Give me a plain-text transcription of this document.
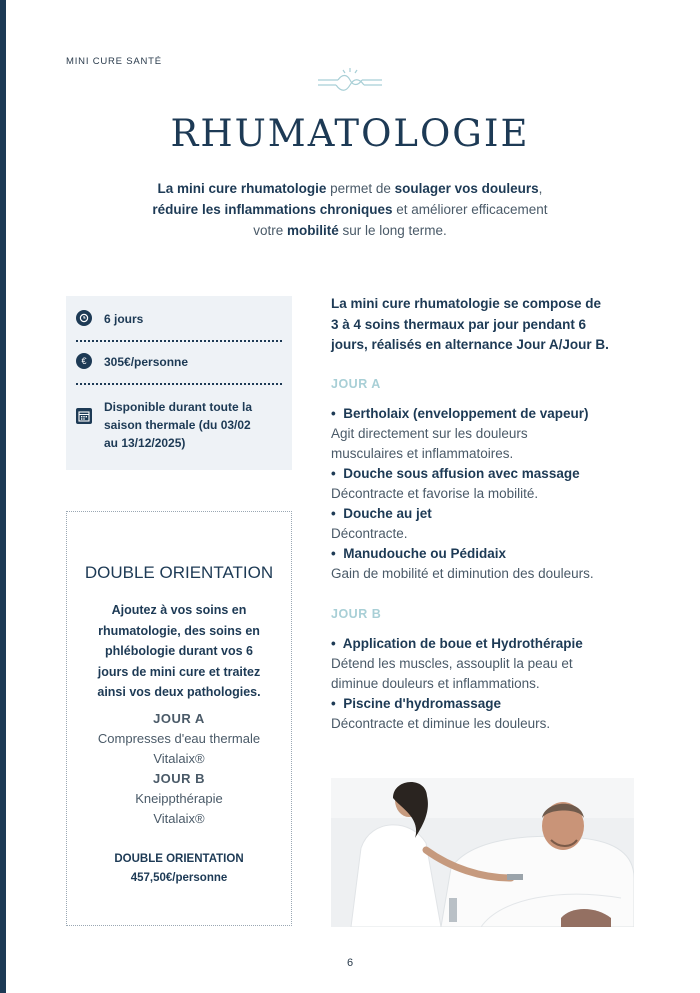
MINI CURE SANTÉ
RHUMATOLOGIE
La mini cure rhumatologie permet de soulager vos douleurs,
réduire les inflammations chroniques et améliorer efficacement
votre mobilité sur le long terme.
6 jours
€	305€/personne
Disponible durant toute la
saison thermale (du 03/02
au 13/12/2025)
DOUBLE ORIENTATION
Ajoutez à vos soins en
rhumatologie, des soins en
phlébologie durant vos 6
jours de mini cure et traitez
ainsi vos deux pathologies.
JOUR A
Compresses d'eau thermale
Vitalaix®
JOUR B
Kneippthérapie
Vitalaix®
DOUBLE ORIENTATION
457,50€/personne
La mini cure rhumatologie se compose de
3 à 4 soins thermaux par jour pendant 6
jours, réalisés en alternance Jour A/Jour B.
JOUR A
• Bertholaix (enveloppement de vapeur)
Agit directement sur les douleurs
musculaires et inflammatoires.
• Douche sous affusion avec massage
Décontracte et favorise la mobilité.
• Douche au jet
Décontracte.
• Manudouche ou Pédidaix
Gain de mobilité et diminution des douleurs.
JOUR B
• Application de boue et Hydrothérapie
Détend les muscles, assouplit la peau et
diminue douleurs et inflammations.
• Piscine d'hydromassage
Décontracte et diminue les douleurs.
6
